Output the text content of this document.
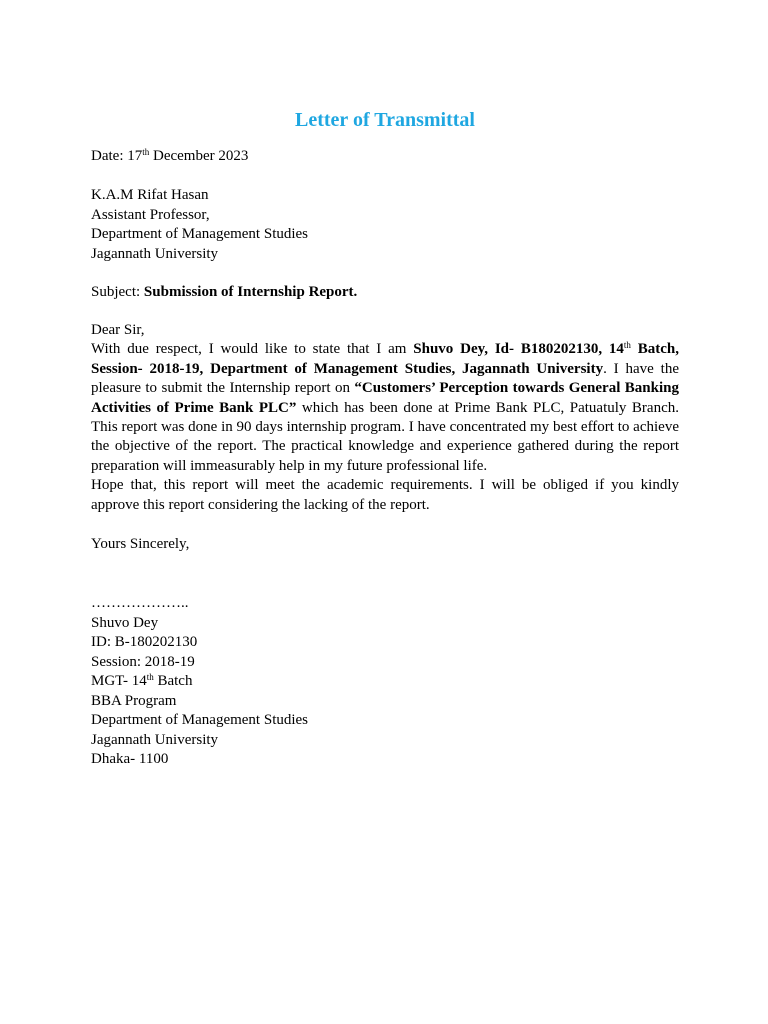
Letter of Transmittal
Date: 17th December 2023
K.A.M Rifat Hasan
Assistant Professor,
Department of Management Studies
Jagannath University
Subject: Submission of Internship Report.
Dear Sir,

With due respect, I would like to state that I am Shuvo Dey, Id- B180202130, 14th Batch, Session- 2018-19, Department of Management Studies, Jagannath University. I have the pleasure to submit the Internship report on “Customers’ Perception towards General Banking Activities of Prime Bank PLC” which has been done at Prime Bank PLC, Patuatuly Branch. This report was done in 90 days internship program. I have concentrated my best effort to achieve the objective of the report. The practical knowledge and experience gathered during the report preparation will immeasurably help in my future professional life.

Hope that, this report will meet the academic requirements. I will be obliged if you kindly approve this report considering the lacking of the report.

Yours Sincerely,
………………..
Shuvo Dey
ID: B-180202130
Session: 2018-19
MGT- 14th Batch
BBA Program
Department of Management Studies
Jagannath University
Dhaka- 1100
